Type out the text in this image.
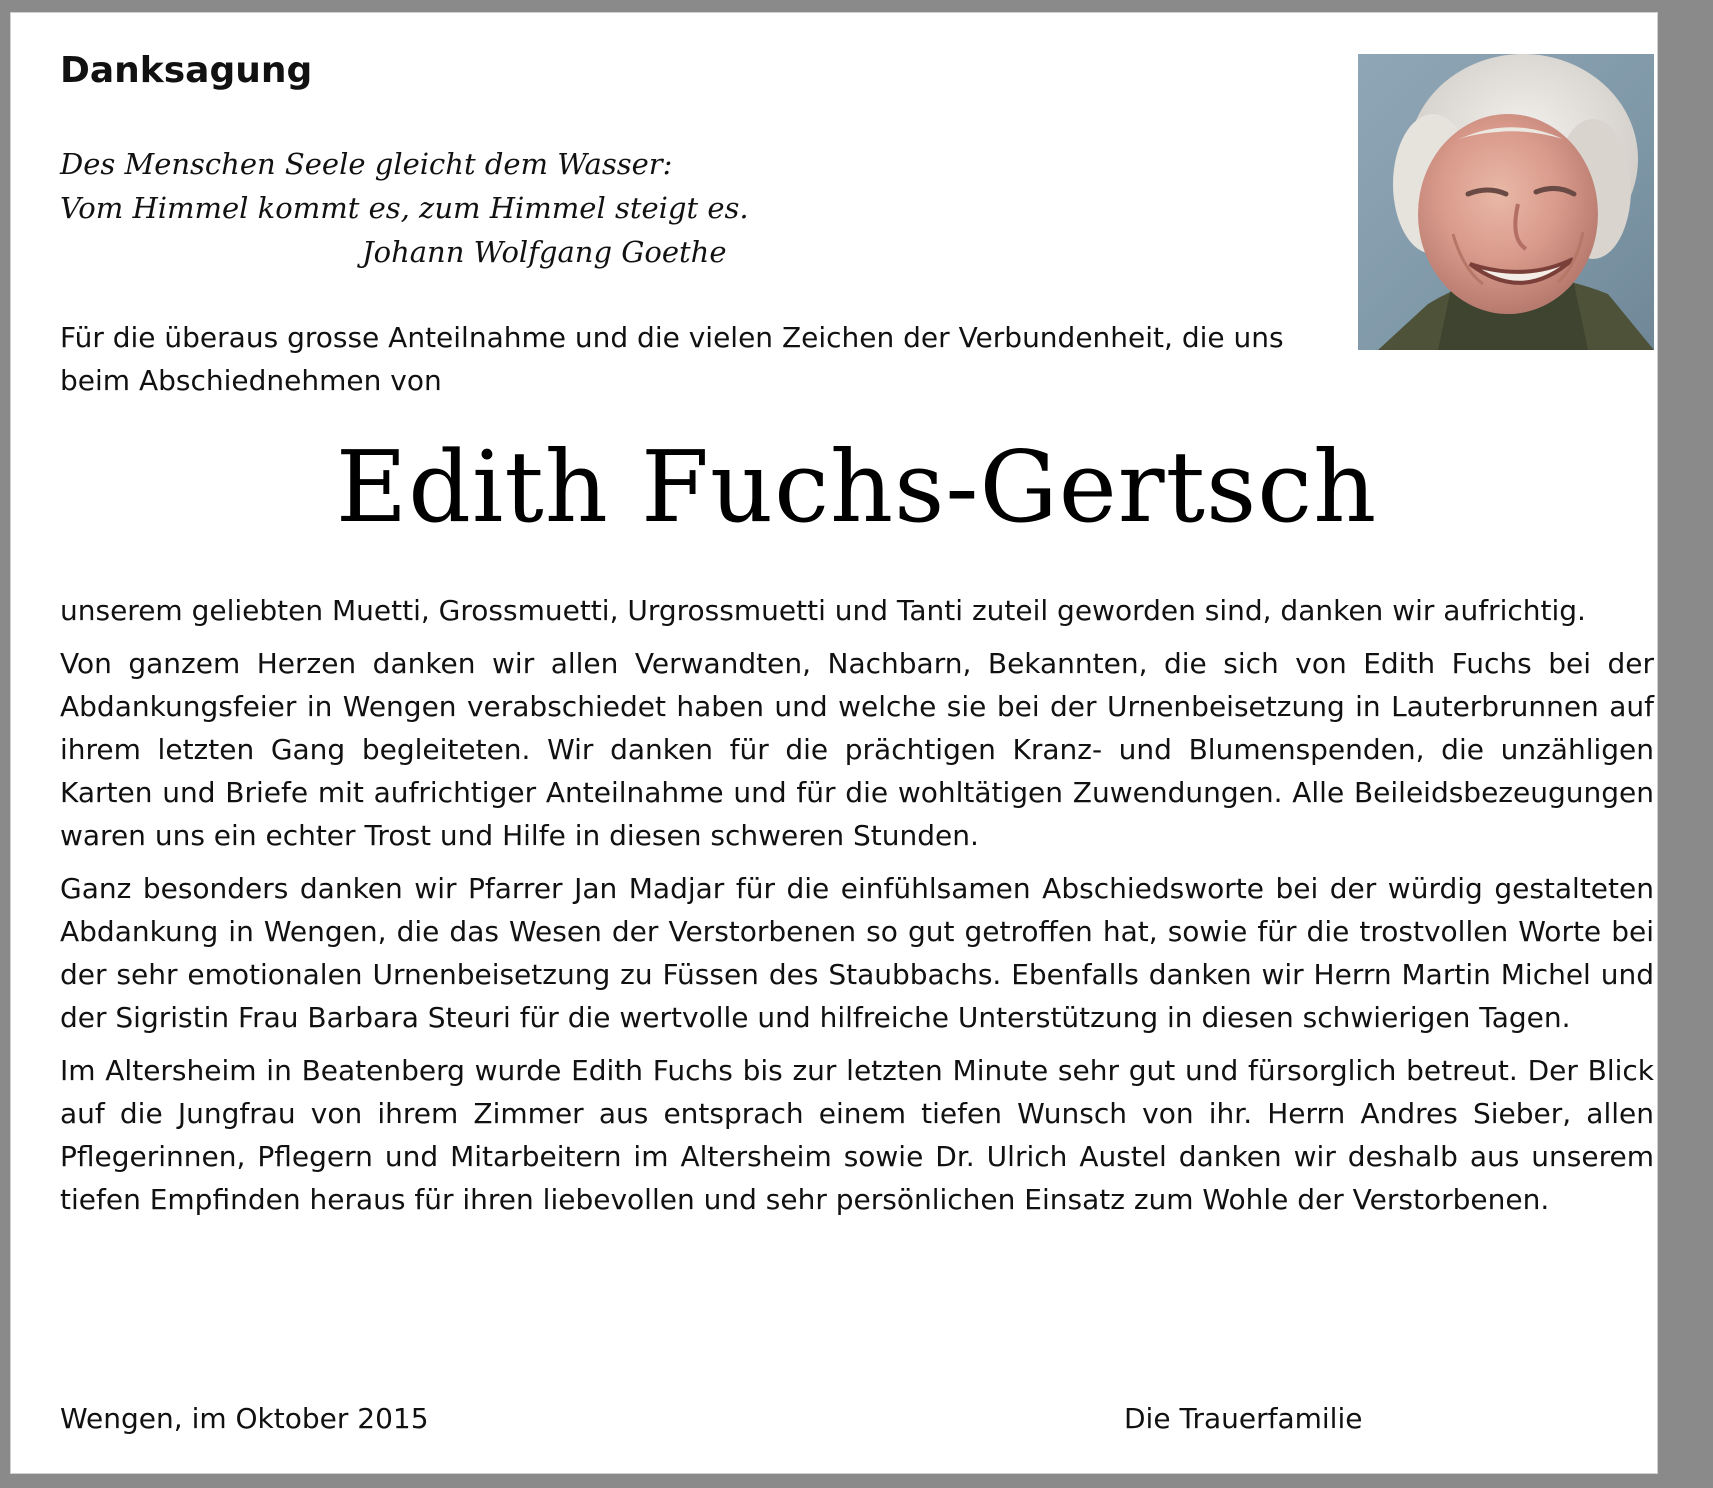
Danksagung
Des Menschen Seele gleicht dem Wasser:
Vom Himmel kommt es, zum Himmel steigt es.
Johann Wolfgang Goethe
Für die überaus grosse Anteilnahme und die vielen Zeichen der Verbundenheit, die uns beim Abschiednehmen von
Edith Fuchs-Gertsch

unserem geliebten Muetti, Grossmuetti, Urgrossmuetti und Tanti zuteil geworden sind, danken wir aufrichtig.

Von ganzem Herzen danken wir allen Verwandten, Nachbarn, Bekannten, die sich von Edith Fuchs bei der Abdankungsfeier in Wengen verabschiedet haben und welche sie bei der Urnenbeisetzung in Lauterbrunnen auf ihrem letzten Gang begleiteten. Wir danken für die prächtigen Kranz- und Blumenspenden, die unzähligen Karten und Briefe mit aufrichtiger Anteilnahme und für die wohltätigen Zuwendungen. Alle Beileidsbezeugungen waren uns ein echter Trost und Hilfe in diesen schweren Stunden.

Ganz besonders danken wir Pfarrer Jan Madjar für die einfühlsamen Abschiedsworte bei der würdig gestalteten Abdankung in Wengen, die das Wesen der Verstorbenen so gut getroffen hat, sowie für die trostvollen Worte bei der sehr emotionalen Urnenbeisetzung zu Füssen des Staubbachs. Ebenfalls danken wir Herrn Martin Michel und der Sigristin Frau Barbara Steuri für die wertvolle und hilfreiche Unterstützung in diesen schwierigen Tagen.

Im Altersheim in Beatenberg wurde Edith Fuchs bis zur letzten Minute sehr gut und fürsorglich betreut. Der Blick auf die Jungfrau von ihrem Zimmer aus entsprach einem tiefen Wunsch von ihr. Herrn Andres Sieber, allen Pflegerinnen, Pflegern und Mitarbeitern im Altersheim sowie Dr. Ulrich Austel danken wir deshalb aus unserem tiefen Empfinden heraus für ihren liebevollen und sehr persönlichen Einsatz zum Wohle der Verstorbenen.

Wengen, im Oktober 2015	Die Trauerfamilie
